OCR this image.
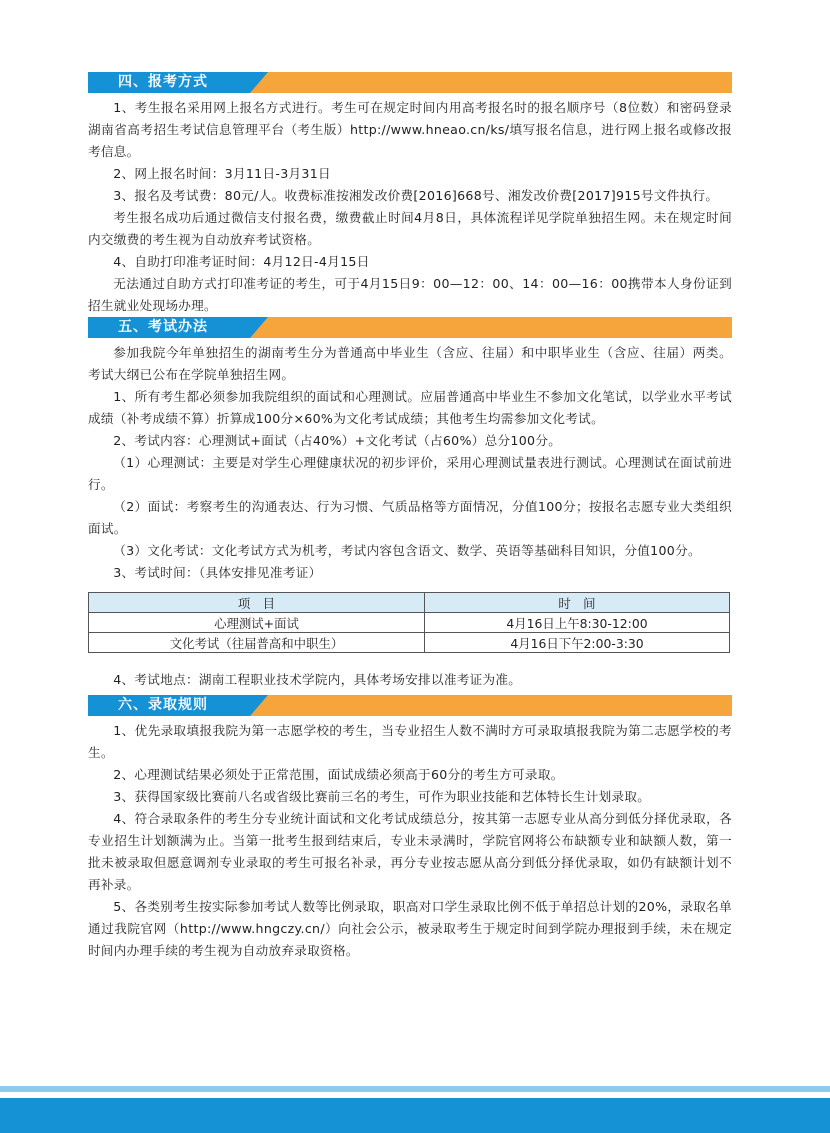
四、报考方式

1、考生报名采用网上报名方式进行。考生可在规定时间内用高考报名时的报名顺序号（8位数）和密码登录湖南省高考招生考试信息管理平台（考生版）http://www.hneao.cn/ks/填写报名信息，进行网上报名或修改报考信息。

2、网上报名时间：3月11日-3月31日

3、报名及考试费：80元/人。收费标准按湘发改价费[2016]668号、湘发改价费[2017]915号文件执行。

考生报名成功后通过微信支付报名费，缴费截止时间4月8日，具体流程详见学院单独招生网。未在规定时间内交缴费的考生视为自动放弃考试资格。

4、自助打印准考证时间：4月12日-4月15日

无法通过自助方式打印准考证的考生，可于4月15日9：00—12：00、14：00—16：00携带本人身份证到招生就业处现场办理。

五、考试办法

参加我院今年单独招生的湖南考生分为普通高中毕业生（含应、往届）和中职毕业生（含应、往届）两类。考试大纲已公布在学院单独招生网。

1、所有考生都必须参加我院组织的面试和心理测试。应届普通高中毕业生不参加文化笔试，以学业水平考试成绩（补考成绩不算）折算成100分×60%为文化考试成绩；其他考生均需参加文化考试。

2、考试内容：心理测试+面试（占40%）+文化考试（占60%）总分100分。

（1）心理测试：主要是对学生心理健康状况的初步评价，采用心理测试量表进行测试。心理测试在面试前进行。

（2）面试：考察考生的沟通表达、行为习惯、气质品格等方面情况，分值100分；按报名志愿专业大类组织面试。

（3）文化考试：文化考试方式为机考，考试内容包含语文、数学、英语等基础科目知识，分值100分。

3、考试时间：（具体安排见准考证）

项　目	时　间
心理测试+面试	4月16日上午8:30-12:00
文化考试（往届普高和中职生）	4月16日下午2:00-3:30

4、考试地点：湖南工程职业技术学院内，具体考场安排以准考证为准。

六、录取规则

1、优先录取填报我院为第一志愿学校的考生，当专业招生人数不满时方可录取填报我院为第二志愿学校的考生。

2、心理测试结果必须处于正常范围，面试成绩必须高于60分的考生方可录取。

3、获得国家级比赛前八名或省级比赛前三名的考生，可作为职业技能和艺体特长生计划录取。

4、符合录取条件的考生分专业统计面试和文化考试成绩总分，按其第一志愿专业从高分到低分择优录取，各专业招生计划额满为止。当第一批考生报到结束后，专业未录满时，学院官网将公布缺额专业和缺额人数，第一批未被录取但愿意调剂专业录取的考生可报名补录，再分专业按志愿从高分到低分择优录取，如仍有缺额计划不再补录。

5、各类别考生按实际参加考试人数等比例录取，职高对口学生录取比例不低于单招总计划的20%，录取名单通过我院官网（http://www.hngczy.cn/）向社会公示，被录取考生于规定时间到学院办理报到手续，未在规定时间内办理手续的考生视为自动放弃录取资格。
